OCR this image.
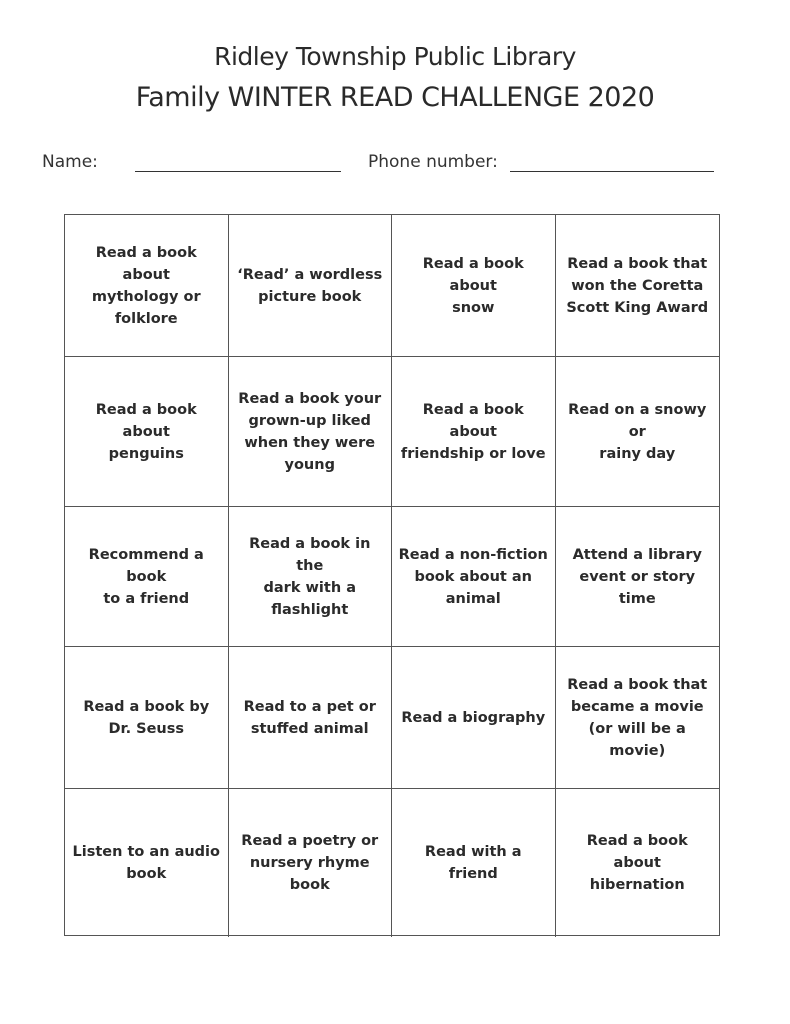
Ridley Township Public Library
Family WINTER READ CHALLENGE 2020
Name:	Phone number:
Read a book about
mythology or
folklore
‘Read’ a wordless
picture book
Read a book about
snow
Read a book that
won the Coretta
Scott King Award
Read a book about
penguins
Read a book your
grown-up liked
when they were
young
Read a book about
friendship or love
Read on a snowy or
rainy day
Recommend a book
to a friend
Read a book in the
dark with a
flashlight
Read a non-fiction
book about an
animal
Attend a library
event or story time
Read a book by
Dr. Seuss
Read to a pet or
stuffed animal
Read a biography
Read a book that
became a movie
(or will be a movie)
Listen to an audio
book
Read a poetry or
nursery rhyme
book
Read with a friend
Read a book about
hibernation
